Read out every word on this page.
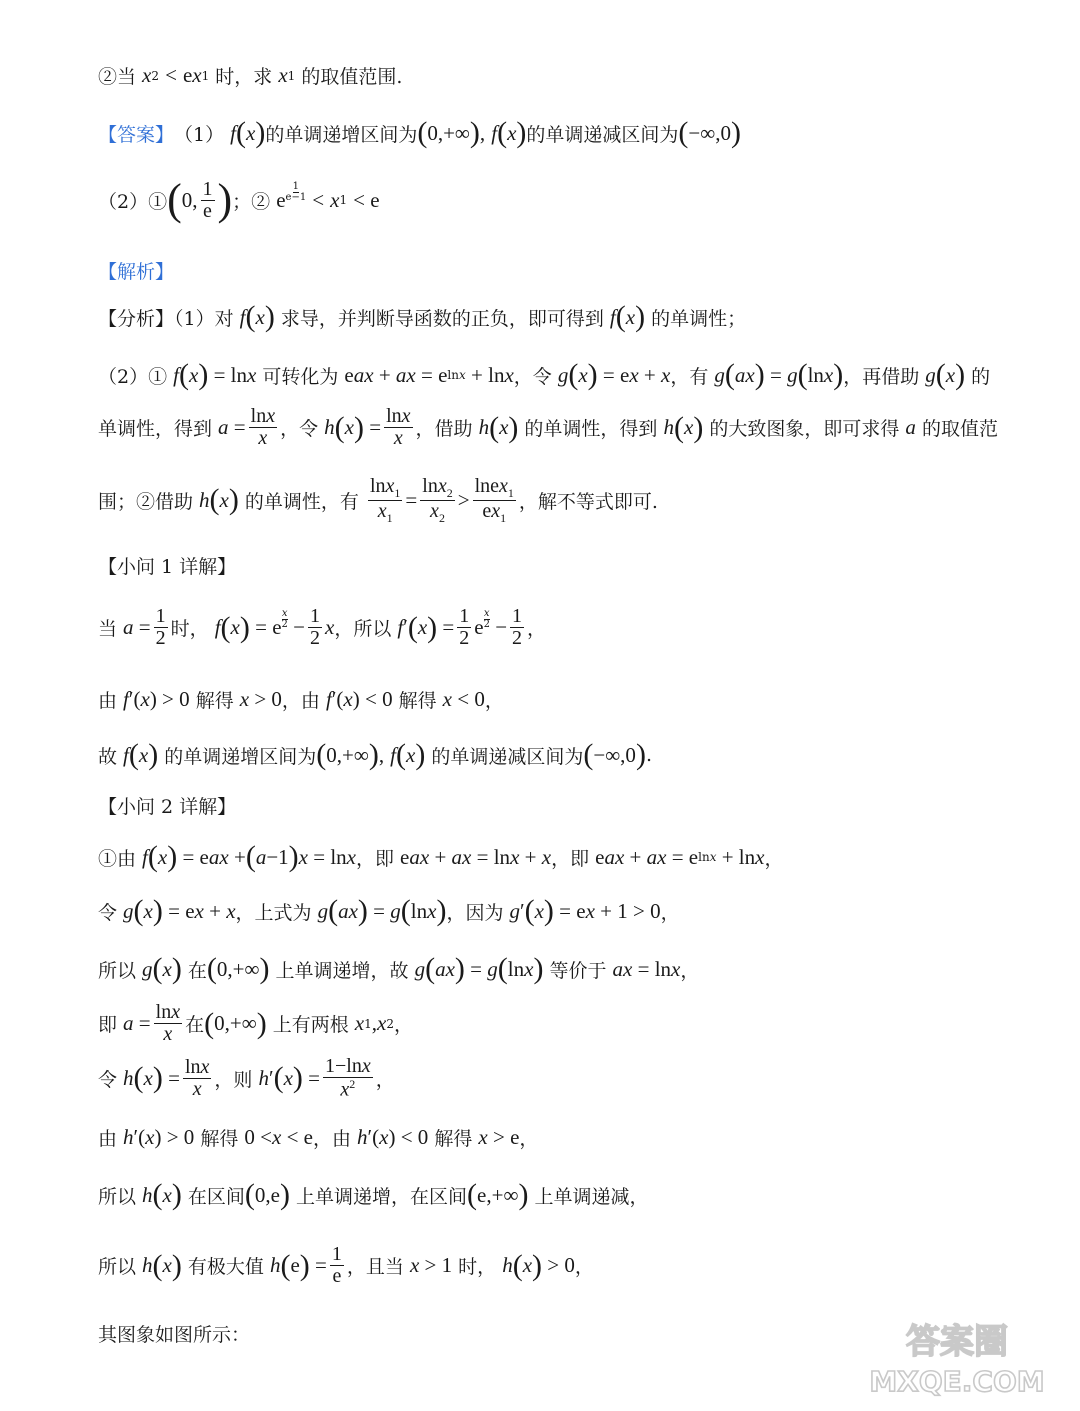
②当 x 2
<
e x 1 时，求 x 1 的取值范围.
【答案】 （1） f ( x ) 的单调递增区间为 ( 0,+∞ ) ,
f ( x ) 的单调递减区间为 ( −∞,0 )
（2）① ( 0, $\frac{1}{e}$ ) ；② e
$^{1 e-1}$
<
x 1
< e
【解析】
【分析】（1）对 f ( x ) 求导，并判断导函数的正负，即可得到 f ( x ) 的单调性；
（2）① f ( x ) = ln x 可转化为 e ax + ax = e lnx + ln x ，令 g ( x ) = e x + x ，有 g ( ax ) = g ( ln x ) ，再借助 g ( x ) 的
单调性，得到 $a = \frac{\ln x}{x}$ ，令 h ( x ) = $\frac{\ln x}{x}$ ，借助 h ( x ) 的单调性，得到 h ( x ) 的大致图象，即可求得 a 的取值范
围；②借助 h ( x ) 的单调性，有 $\frac{\ln x_1}{x_1} = \frac{\ln x_2}{x_2} > \frac{lnex_1}{ex_1}$ ，解不等式即可.
【小问 1 详解】
当 $a = \frac{1}{2}$ 时， f ( x ) = e
$^{x 2} - \frac{1}{2}$ x ，所以 f ′ ( x ) = $\frac{1}{2}$ e
$^{x 2} - \frac{1}{2}$ ，
由 f ′( x ) > 0 解得 x > 0 ，由 f ′( x ) < 0 解得 x < 0 ，
故 f ( x ) 的单调递增区间为 ( 0,+∞ ) ,
f ( x ) 的单调递减区间为 ( −∞,0 ) .
【小问 2 详解】
①由 f ( x ) = e ax + ( a −1 ) x = ln x ，即 e ax + ax = ln x + x ，即 e ax + ax = e lnx + ln x ，
令 g ( x ) = e x + x ，上式为 g ( ax ) = g ( ln x ) ，因为 g ′ ( x ) = e x + 1 > 0 ，
所以 g ( x ) 在 ( 0,+∞ ) 上单调递增，故 g ( ax ) = g ( ln x ) 等价于 ax = ln x ，
即 $a = \frac{\ln x}{x}$ 在 ( 0,+∞ ) 上有两根 x 1 , x 2 ，
令 h ( x ) = $\frac{\ln x}{x}$ ，则 h ′ ( x ) = $\frac{1-\ln x}{x^2}$ ，
由 h ′( x ) > 0 解得 0 < x < e ，由 h ′( x ) < 0 解得 x > e ，
所以 h ( x ) 在区间 ( 0,e ) 上单调递增，在区间 ( e,+∞ ) 上单调递减，
所以 h ( x ) 有极大值 h ( e ) = $\frac{1}{e}$ ，且当 x > 1 时， h ( x ) > 0 ，
其图象如图所示：	答案圈
MXQE.COM
